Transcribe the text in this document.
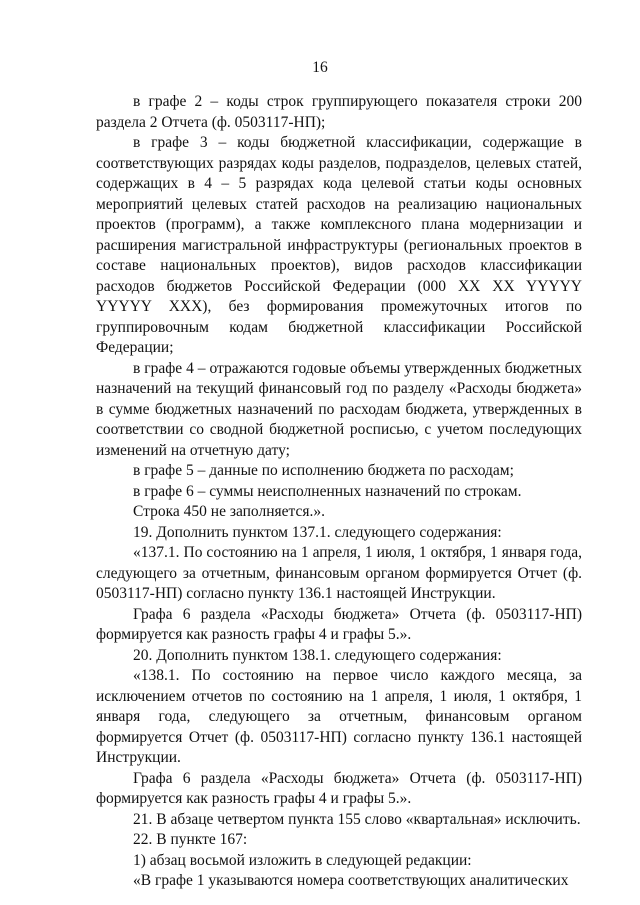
16

в графе 2 – коды строк группирующего показателя строки 200 раздела 2 Отчета (ф. 0503117-НП);

в графе 3 – коды бюджетной классификации, содержащие в соответствующих разрядах коды разделов, подразделов, целевых статей, содержащих в 4 – 5 разрядах кода целевой статьи коды основных мероприятий целевых статей расходов на реализацию национальных проектов (программ), а также комплексного плана модернизации и расширения магистральной инфраструктуры (региональных проектов в составе национальных проектов), видов расходов классификации расходов бюджетов Российской Федерации (000 XX XX YYYYY YYYYY XXX), без формирования промежуточных итогов по группировочным кодам бюджетной классификации Российской Федерации;

в графе 4 – отражаются годовые объемы утвержденных бюджетных назначений на текущий финансовый год по разделу «Расходы бюджета» в сумме бюджетных назначений по расходам бюджета, утвержденных в соответствии со сводной бюджетной росписью, с учетом последующих изменений на отчетную дату;

в графе 5 – данные по исполнению бюджета по расходам;

в графе 6 – суммы неисполненных назначений по строкам.

Строка 450 не заполняется.».

19. Дополнить пунктом 137.1. следующего содержания:

«137.1. По состоянию на 1 апреля, 1 июля, 1 октября, 1 января года, следующего за отчетным, финансовым органом формируется Отчет (ф. 0503117-НП) согласно пункту 136.1 настоящей Инструкции.

Графа 6 раздела «Расходы бюджета» Отчета (ф. 0503117-НП) формируется как разность графы 4 и графы 5.».

20. Дополнить пунктом 138.1. следующего содержания:

«138.1. По состоянию на первое число каждого месяца, за исключением отчетов по состоянию на 1 апреля, 1 июля, 1 октября, 1 января года, следующего за отчетным, финансовым органом формируется Отчет (ф. 0503117-НП) согласно пункту 136.1 настоящей Инструкции.

Графа 6 раздела «Расходы бюджета» Отчета (ф. 0503117-НП) формируется как разность графы 4 и графы 5.».

21. В абзаце четвертом пункта 155 слово «квартальная» исключить.

22. В пункте 167:

1) абзац восьмой изложить в следующей редакции:

«В графе 1 указываются номера соответствующих аналитических
